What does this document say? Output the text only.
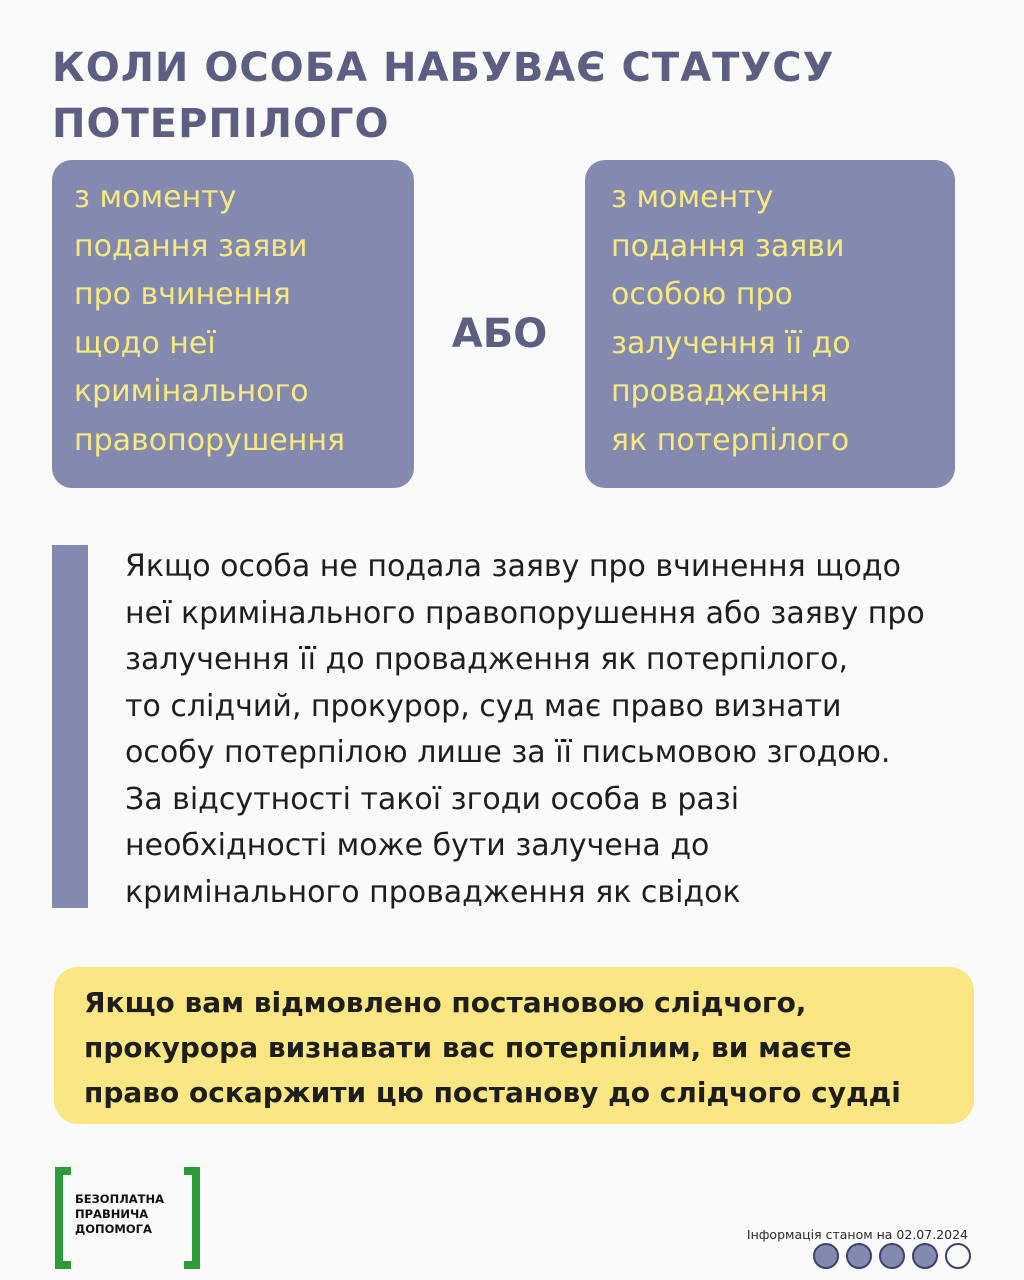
КОЛИ ОСОБА НАБУВАЄ СТАТУСУ ПОТЕРПІЛОГО

з моменту
подання заяви
про вчинення
щодо неї
кримінального
правопорушення

АБО

з моменту
подання заяви
особою про
залучення її до
провадження
як потерпілого

Якщо особа не подала заяву про вчинення щодо
неї кримінального правопорушення або заяву про
залучення її до провадження як потерпілого,
то слідчий, прокурор, суд має право визнати
особу потерпілою лише за її письмовою згодою.
За відсутності такої згоди особа в разі
необхідності може бути залучена до
кримінального провадження як свідок

Якщо вам відмовлено постановою слідчого,
прокурора визнавати вас потерпілим, ви маєте
право оскаржити цю постанову до слідчого судді

БЕЗОПЛАТНА
ПРАВНИЧА
ДОПОМОГА	Інформація станом на 02.07.2024
